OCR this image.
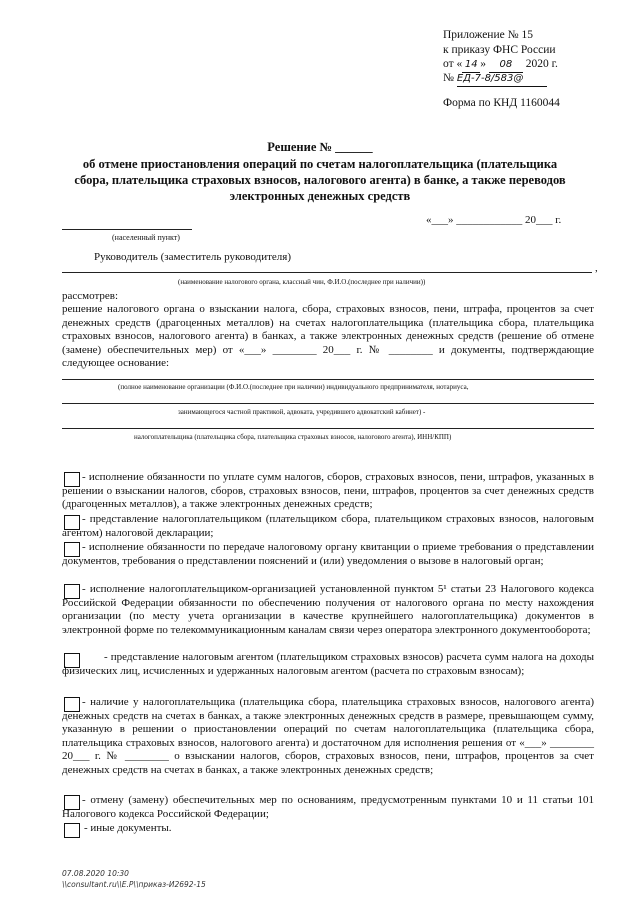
Приложение № 15
к приказу ФНС России
от « 14 » 08 2020 г.
№ ЕД-7-8/583@
Форма по КНД 1160044
Решение № ______
об отмене приостановления операций по счетам налогоплательщика (плательщика сбора, плательщика страховых взносов, налогового агента) в банке, а также переводов электронных денежных средств
«___» ____________ 20___ г.
(населенный пункт)
Руководитель (заместитель руководителя)
,
(наименование налогового органа, классный чин, Ф.И.О.(последнее при наличии))
рассмотрев:
решение налогового органа о взыскании налога, сбора, страховых взносов, пени, штрафа, процентов за счет денежных средств (драгоценных металлов) на счетах налогоплательщика (плательщика сбора, плательщика страховых взносов, налогового агента) в банках, а также электронных денежных средств (решение об отмене (замене) обеспечительных мер) от «___» ________ 20___ г. № ________ и документы, подтверждающие следующее основание:
(полное наименование организации (Ф.И.О.(последнее при наличии) индивидуального предпринимателя, нотариуса,
занимающегося частной практикой, адвоката, учредившего адвокатский кабинет) -
налогоплательщика (плательщика сбора, плательщика страховых взносов, налогового агента), ИНН/КПП)
- исполнение обязанности по уплате сумм налогов, сборов, страховых взносов, пени, штрафов, указанных в решении о взыскании налогов, сборов, страховых взносов, пени, штрафов, процентов за счет денежных средств (драгоценных металлов), а также электронных денежных средств;
- представление налогоплательщиком (плательщиком сбора, плательщиком страховых взносов, налоговым агентом) налоговой декларации;
- исполнение обязанности по передаче налоговому органу квитанции о приеме требования о представлении документов, требования о представлении пояснений и (или) уведомления о вызове в налоговый орган;
- исполнение налогоплательщиком-организацией установленной пунктом 5¹ статьи 23 Налогового кодекса Российской Федерации обязанности по обеспечению получения от налогового органа по месту нахождения организации (по месту учета организации в качестве крупнейшего налогоплательщика) документов в электронной форме по телекоммуникационным каналам связи через оператора электронного документооборота;
- представление налоговым агентом (плательщиком страховых взносов) расчета сумм налога на доходы физических лиц, исчисленных и удержанных налоговым агентом (расчета по страховым взносам);
- наличие у налогоплательщика (плательщика сбора, плательщика страховых взносов, налогового агента) денежных средств на счетах в банках, а также электронных денежных средств в размере, превышающем сумму, указанную в решении о приостановлении операций по счетам налогоплательщика (плательщика сбора, плательщика страховых взносов, налогового агента) и достаточном для исполнения решения от «___» ________ 20___ г. № ________ о взыскании налогов, сборов, страховых взносов, пени, штрафов, процентов за счет денежных средств на счетах в банках, а также электронных денежных средств;
- отмену (замену) обеспечительных мер по основаниям, предусмотренным пунктами 10 и 11 статьи 101 Налогового кодекса Российской Федерации;
- иные документы.
07.08.2020 10:30
\\consultant.ru\\Е.Р\\приказ-И2692-15
